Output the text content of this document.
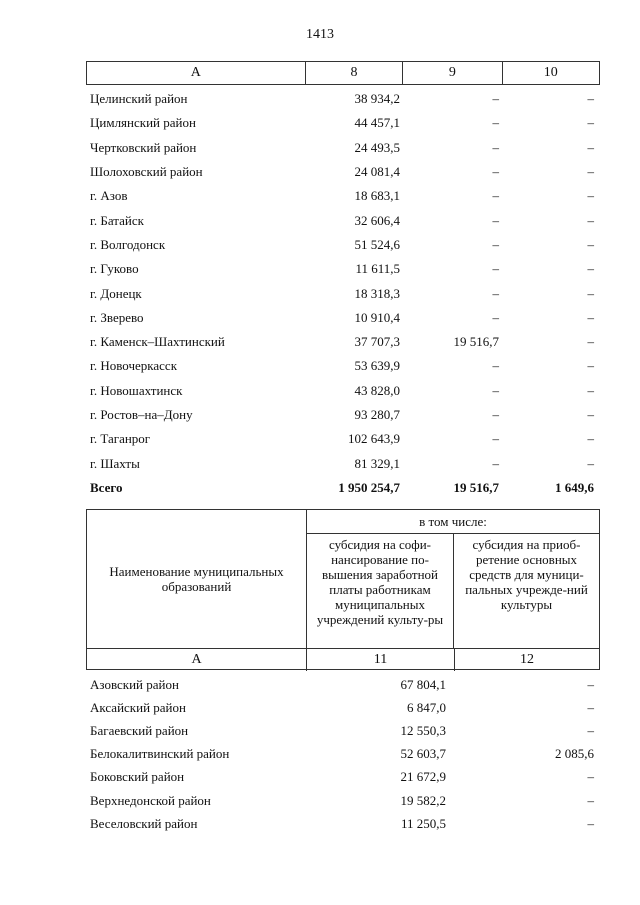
1413
А	8	9	10
Целинский район	38 934,2	–	–
Цимлянский район	44 457,1	–	–
Чертковский район	24 493,5	–	–
Шолоховский район	24 081,4	–	–
г. Азов	18 683,1	–	–
г. Батайск	32 606,4	–	–
г. Волгодонск	51 524,6	–	–
г. Гуково	11 611,5	–	–
г. Донецк	18 318,3	–	–
г. Зверево	10 910,4	–	–
г. Каменск–Шахтинский	37 707,3	19 516,7	–
г. Новочеркасск	53 639,9	–	–
г. Новошахтинск	43 828,0	–	–
г. Ростов–на–Дону	93 280,7	–	–
г. Таганрог	102 643,9	–	–
г. Шахты	81 329,1	–	–
Всего	1 950 254,7	19 516,7	1 649,6
Наименование муниципальных образований
в том числе:
субсидия на софи-нансирование по-вышения заработной платы работникам муниципальных учреждений культу-ры
субсидия на приоб-ретение основных средств для муници-пальных учрежде-ний культуры
А	11	12
Азовский район	67 804,1	–
Аксайский район	6 847,0	–
Багаевский район	12 550,3	–
Белокалитвинский район	52 603,7	2 085,6
Боковский район	21 672,9	–
Верхнедонской район	19 582,2	–
Веселовский район	11 250,5	–
